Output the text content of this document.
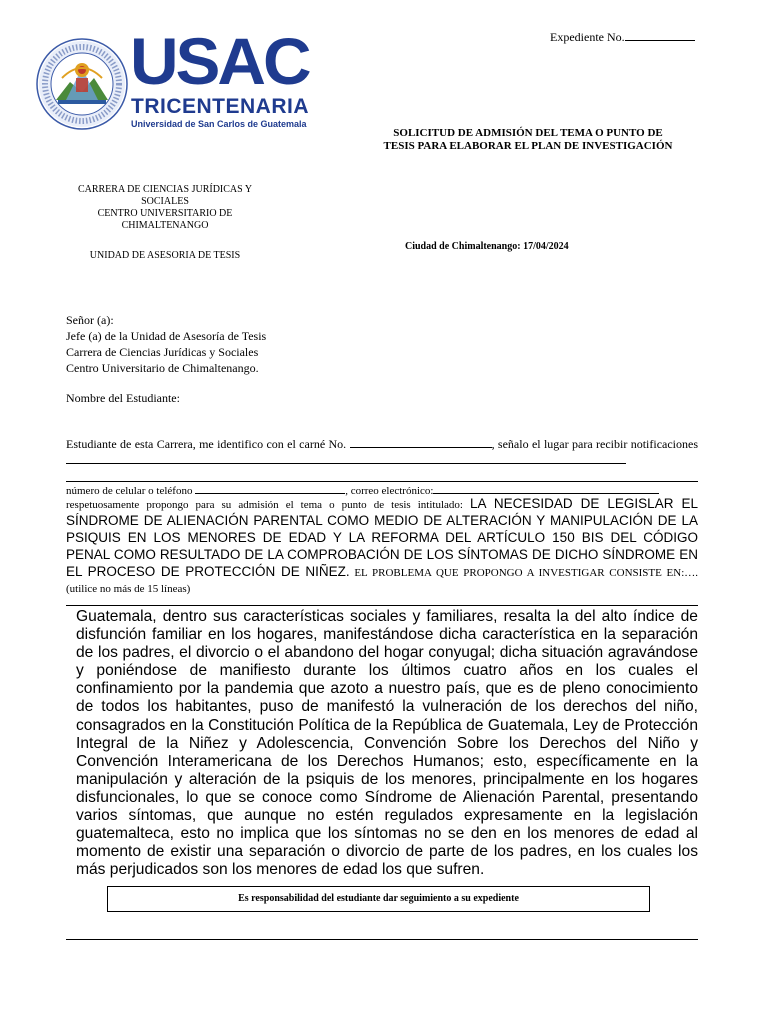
Expediente No.
USAC
TRICENTENARIA
Universidad de San Carlos de Guatemala
SOLICITUD DE ADMISIÓN DEL TEMA O PUNTO DE TESIS PARA ELABORAR EL PLAN DE INVESTIGACIÓN
CARRERA DE CIENCIAS JURÍDICAS Y SOCIALES
CENTRO UNIVERSITARIO DE CHIMALTENANGO
UNIDAD DE ASESORIA DE TESIS
Ciudad de Chimaltenango: 17/04/2024
Señor (a):
Jefe (a) de la Unidad de Asesoría de Tesis
Carrera de Ciencias Jurídicas y Sociales
Centro Universitario de Chimaltenango.
Nombre del Estudiante:
Estudiante de esta Carrera, me identifico con el carné No.	, señalo el lugar para recibir notificaciones
número de celular o teléfono	, correo electrónico:
respetuosamente propongo para su admisión el tema o punto de tesis intitulado: LA NECESIDAD DE LEGISLAR EL SÍNDROME DE ALIENACIÓN PARENTAL COMO MEDIO DE ALTERACIÓN Y MANIPULACIÓN DE LA PSIQUIS EN LOS MENORES DE EDAD Y LA REFORMA DEL ARTÍCULO 150 BIS DEL CÓDIGO PENAL COMO RESULTADO DE LA COMPROBACIÓN DE LOS SÍNTOMAS DE DICHO SÍNDROME EN EL PROCESO DE PROTECCIÓN DE NIÑEZ. EL PROBLEMA QUE PROPONGO A INVESTIGAR CONSISTE EN:….(utilice no más de 15 líneas)
Guatemala, dentro sus características sociales y familiares, resalta la del alto índice de disfunción familiar en los hogares, manifestándose dicha característica en la separación de los padres, el divorcio o el abandono del hogar conyugal; dicha situación agravándose y poniéndose de manifiesto durante los últimos cuatro años en los cuales el confinamiento por la pandemia que azoto a nuestro país, que es de pleno conocimiento de todos los habitantes, puso de manifestó la vulneración de los derechos del niño, consagrados en la Constitución Política de la República de Guatemala, Ley de Protección Integral de la Niñez y Adolescencia, Convención Sobre los Derechos del Niño y Convención Interamericana de los Derechos Humanos; esto, específicamente en la manipulación y alteración de la psiquis de los menores, principalmente en los hogares disfuncionales, lo que se conoce como Síndrome de Alienación Parental, presentando varios síntomas, que aunque no estén regulados expresamente en la legislación guatemalteca, esto no implica que los síntomas no se den en los menores de edad al momento de existir una separación o divorcio de parte de los padres, en los cuales los más perjudicados son los menores de edad los que sufren.
Es responsabilidad del estudiante dar seguimiento a su expediente
